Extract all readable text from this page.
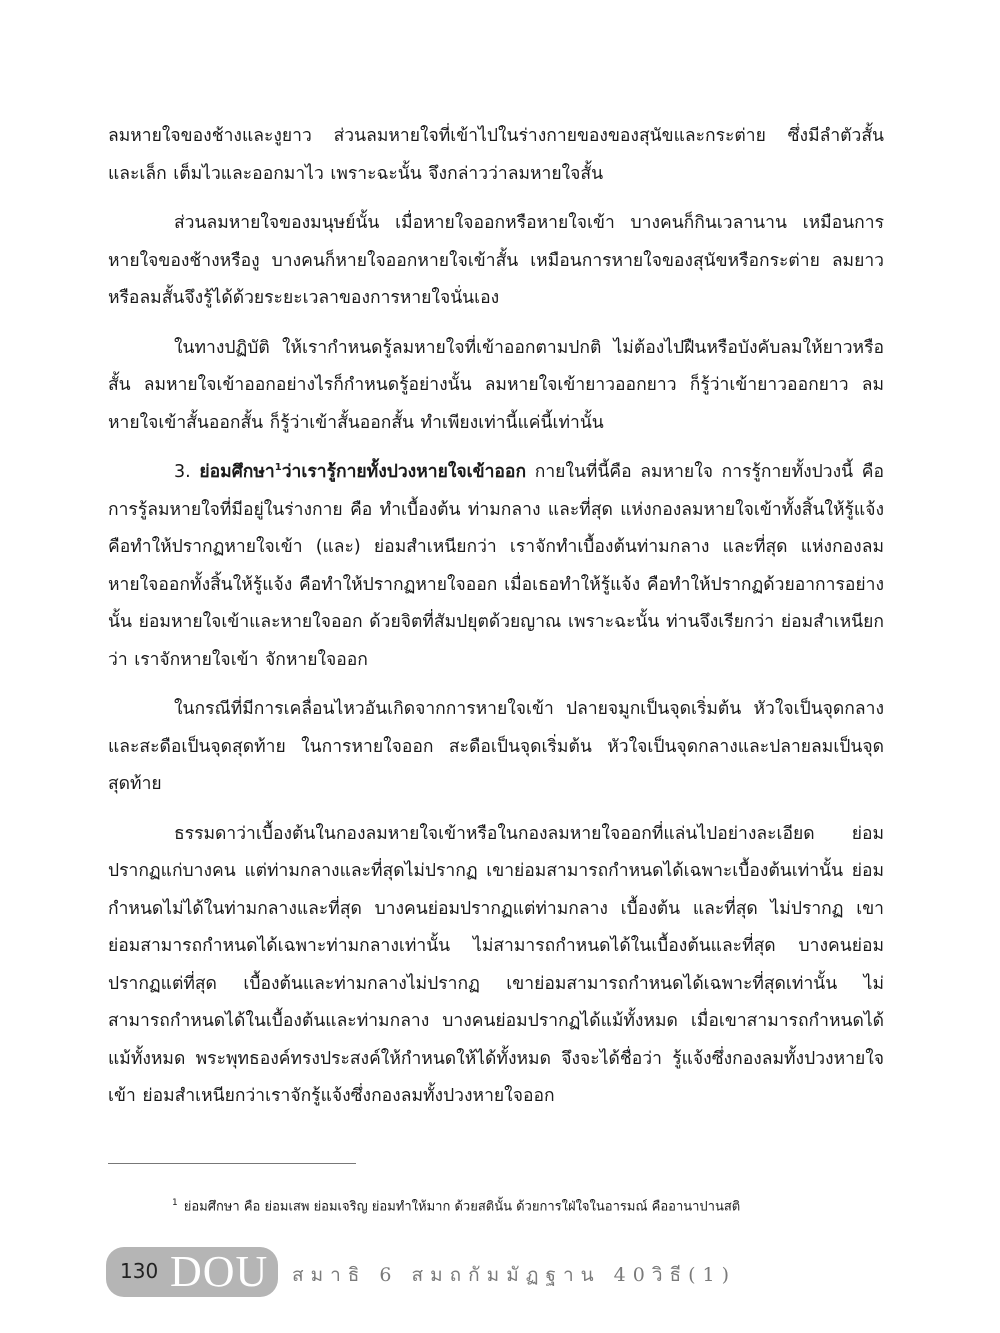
ลมหายใจของช้างและงูยาว ส่วนลมหายใจที่เข้าไปในร่างกายของของสุนัขและกระต่าย ซึ่งมีลำตัวสั้นและเล็ก เต็มไวและออกมาไว เพราะฉะนั้น จึงกล่าวว่าลมหายใจสั้น

ส่วนลมหายใจของมนุษย์นั้น เมื่อหายใจออกหรือหายใจเข้า บางคนก็กินเวลานาน เหมือนการหายใจของช้างหรืองู บางคนก็หายใจออกหายใจเข้าสั้น เหมือนการหายใจของสุนัขหรือกระต่าย ลมยาวหรือลมสั้นจึงรู้ได้ด้วยระยะเวลาของการหายใจนั่นเอง

ในทางปฏิบัติ ให้เรากำหนดรู้ลมหายใจที่เข้าออกตามปกติ ไม่ต้องไปฝืนหรือบังคับลมให้ยาวหรือสั้น ลมหายใจเข้าออกอย่างไรก็กำหนดรู้อย่างนั้น ลมหายใจเข้ายาวออกยาว ก็รู้ว่าเข้ายาวออกยาว ลมหายใจเข้าสั้นออกสั้น ก็รู้ว่าเข้าสั้นออกสั้น ทำเพียงเท่านี้แค่นี้เท่านั้น

3. ย่อมศึกษา$^1$ว่าเรารู้กายทั้งปวงหายใจเข้าออก กายในที่นี้คือ ลมหายใจ การรู้กายทั้งปวงนี้ คือ การรู้ลมหายใจที่มีอยู่ในร่างกาย คือ ทำเบื้องต้น ท่ามกลาง และที่สุด แห่งกองลมหายใจเข้าทั้งสิ้นให้รู้แจ้ง คือทำให้ปรากฏหายใจเข้า (และ) ย่อมสำเหนียกว่า เราจักทำเบื้องต้นท่ามกลาง และที่สุด แห่งกองลมหายใจออกทั้งสิ้นให้รู้แจ้ง คือทำให้ปรากฏหายใจออก เมื่อเธอทำให้รู้แจ้ง คือทำให้ปรากฏด้วยอาการอย่างนั้น ย่อมหายใจเข้าและหายใจออก ด้วยจิตที่สัมปยุตด้วยญาณ เพราะฉะนั้น ท่านจึงเรียกว่า ย่อมสำเหนียกว่า เราจักหายใจเข้า จักหายใจออก

ในกรณีที่มีการเคลื่อนไหวอันเกิดจากการหายใจเข้า ปลายจมูกเป็นจุดเริ่มต้น หัวใจเป็นจุดกลาง และสะดือเป็นจุดสุดท้าย ในการหายใจออก สะดือเป็นจุดเริ่มต้น หัวใจเป็นจุดกลางและปลายลมเป็นจุดสุดท้าย

ธรรมดาว่าเบื้องต้นในกองลมหายใจเข้าหรือในกองลมหายใจออกที่แล่นไปอย่างละเอียด ย่อมปรากฏแก่บางคน แต่ท่ามกลางและที่สุดไม่ปรากฏ เขาย่อมสามารถกำหนดได้เฉพาะเบื้องต้นเท่านั้น ย่อมกำหนดไม่ได้ในท่ามกลางและที่สุด บางคนย่อมปรากฏแต่ท่ามกลาง เบื้องต้น และที่สุด ไม่ปรากฏ เขาย่อมสามารถกำหนดได้เฉพาะท่ามกลางเท่านั้น ไม่สามารถกำหนดได้ในเบื้องต้นและที่สุด บางคนย่อมปรากฏแต่ที่สุด เบื้องต้นและท่ามกลางไม่ปรากฏ เขาย่อมสามารถกำหนดได้เฉพาะที่สุดเท่านั้น ไม่สามารถกำหนดได้ในเบื้องต้นและท่ามกลาง บางคนย่อมปรากฏได้แม้ทั้งหมด เมื่อเขาสามารถกำหนดได้แม้ทั้งหมด พระพุทธองค์ทรงประสงค์ให้กำหนดให้ได้ทั้งหมด จึงจะได้ชื่อว่า รู้แจ้งซึ่งกองลมทั้งปวงหายใจเข้า ย่อมสำเหนียกว่าเราจักรู้แจ้งซึ่งกองลมทั้งปวงหายใจออก

$^1$ ย่อมศึกษา คือ ย่อมเสพ ย่อมเจริญ ย่อมทำให้มาก ด้วยสตินั้น ด้วยการใฝ่ใจในอารมณ์ คืออานาปานสติ
130 DOU สมาธิ 6 สมถกัมมัฏฐาน 40วิธี(1)
